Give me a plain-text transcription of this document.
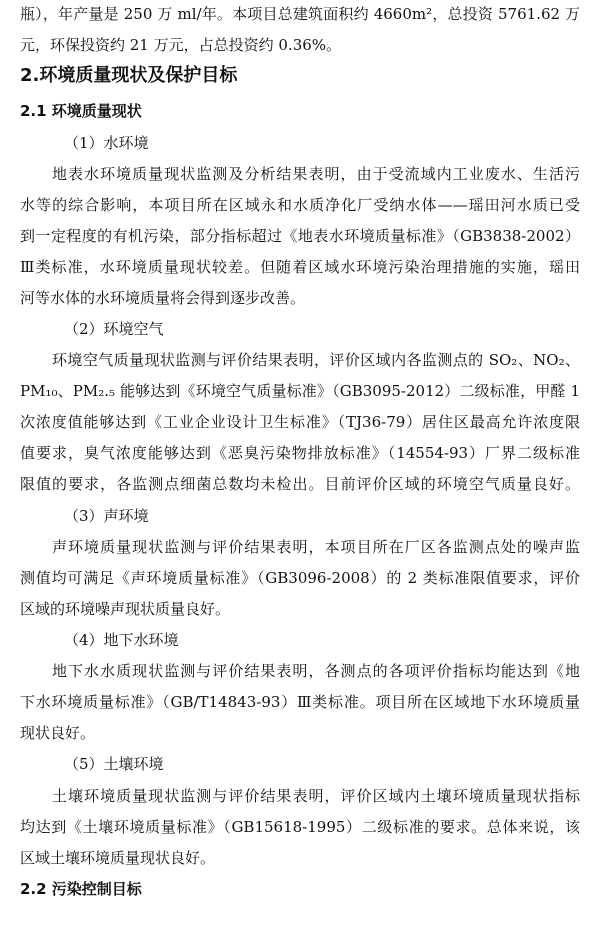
瓶），年产量是 250 万 ml/年。本项目总建筑面积约 4660m²，总投资 5761.62 万
元，环保投资约 21 万元，占总投资约 0.36%。
2.环境质量现状及保护目标
2.1 环境质量现状
（1）水环境
地表水环境质量现状监测及分析结果表明，由于受流域内工业废水、生活污
水等的综合影响，本项目所在区域永和水质净化厂受纳水体——瑶田河水质已受
到一定程度的有机污染，部分指标超过《地表水环境质量标准》（GB3838-2002）
Ⅲ类标准，水环境质量现状较差。但随着区域水环境污染治理措施的实施，瑶田
河等水体的水环境质量将会得到逐步改善。
（2）环境空气
环境空气质量现状监测与评价结果表明，评价区域内各监测点的 SO₂、NO₂、
PM₁₀、PM₂.₅ 能够达到《环境空气质量标准》（GB3095-2012）二级标准，甲醛 1
次浓度值能够达到《工业企业设计卫生标准》（TJ36-79）居住区最高允许浓度限
值要求，臭气浓度能够达到《恶臭污染物排放标准》（14554-93）厂界二级标准
限值的要求，各监测点细菌总数均未检出。目前评价区域的环境空气质量良好。
（3）声环境
声环境质量现状监测与评价结果表明，本项目所在厂区各监测点处的噪声监
测值均可满足《声环境质量标准》（GB3096-2008）的 2 类标准限值要求，评价
区域的环境噪声现状质量良好。
（4）地下水环境
地下水水质现状监测与评价结果表明，各测点的各项评价指标均能达到《地
下水环境质量标准》（GB/T14843-93）Ⅲ类标准。项目所在区域地下水环境质量
现状良好。
（5）土壤环境
土壤环境质量现状监测与评价结果表明，评价区域内土壤环境质量现状指标
均达到《土壤环境质量标准》（GB15618-1995）二级标准的要求。总体来说，该
区域土壤环境质量现状良好。
2.2 污染控制目标
